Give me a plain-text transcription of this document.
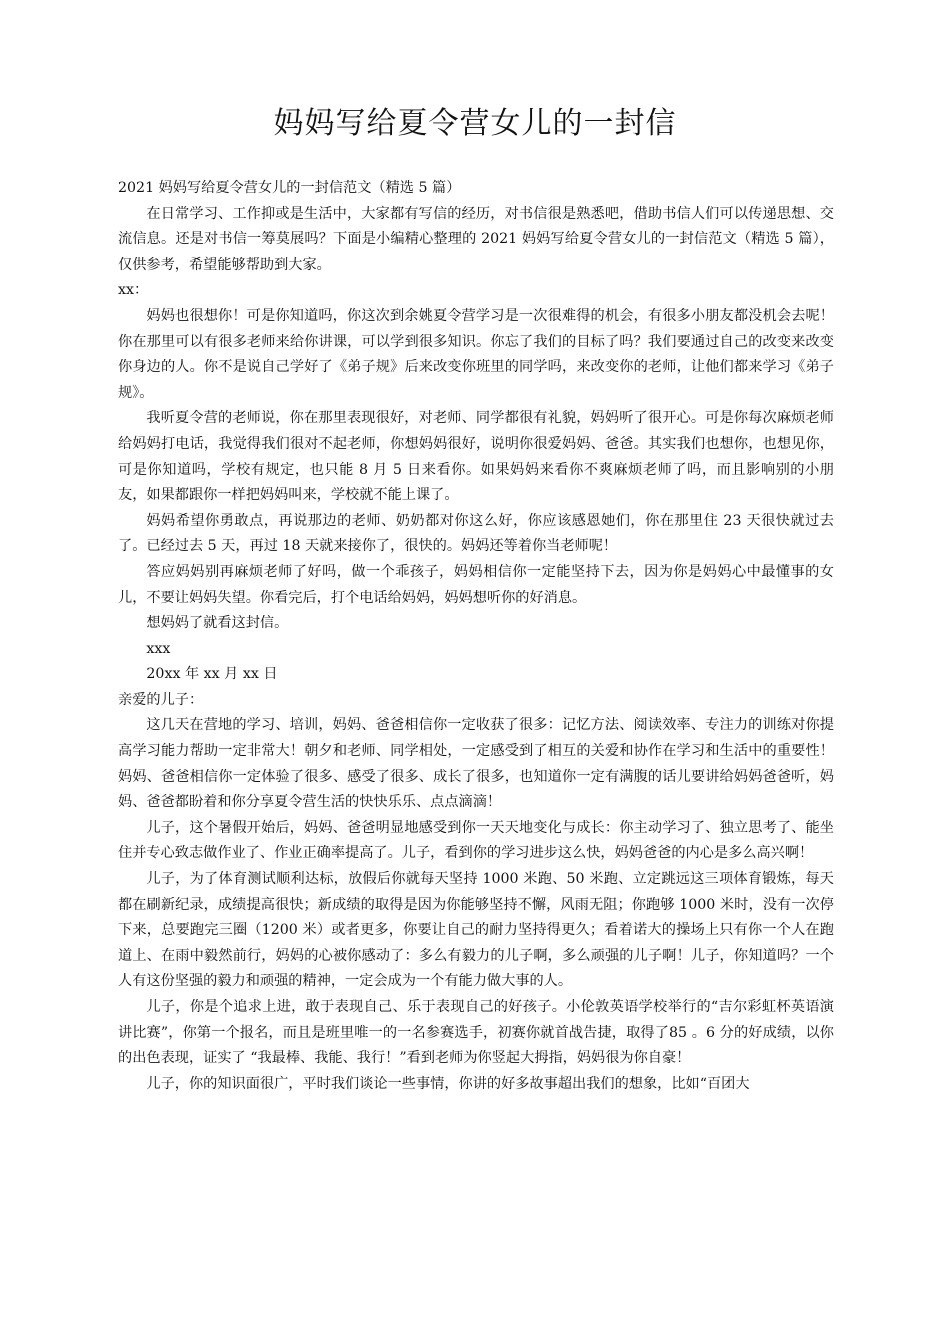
妈妈写给夏令营女儿的一封信

2021 妈妈写给夏令营女儿的一封信范文（精选 5 篇）

在日常学习、工作抑或是生活中，大家都有写信的经历，对书信很是熟悉吧，借助书信人们可以传递思想、交流信息。还是对书信一筹莫展吗？下面是小编精心整理的 2021 妈妈写给夏令营女儿的一封信范文（精选 5 篇），仅供参考，希望能够帮助到大家。

xx：

妈妈也很想你！可是你知道吗，你这次到余姚夏令营学习是一次很难得的机会，有很多小朋友都没机会去呢！你在那里可以有很多老师来给你讲课，可以学到很多知识。你忘了我们的目标了吗？我们要通过自己的改变来改变你身边的人。你不是说自己学好了《弟子规》后来改变你班里的同学吗，来改变你的老师，让他们都来学习《弟子规》。

我听夏令营的老师说，你在那里表现很好，对老师、同学都很有礼貌，妈妈听了很开心。可是你每次麻烦老师给妈妈打电话，我觉得我们很对不起老师，你想妈妈很好，说明你很爱妈妈、爸爸。其实我们也想你，也想见你，可是你知道吗，学校有规定，也只能 8 月 5 日来看你。如果妈妈来看你不爽麻烦老师了吗，而且影响别的小朋友，如果都跟你一样把妈妈叫来，学校就不能上课了。

妈妈希望你勇敢点，再说那边的老师、奶奶都对你这么好，你应该感恩她们，你在那里住 23 天很快就过去了。已经过去 5 天，再过 18 天就来接你了，很快的。妈妈还等着你当老师呢！

答应妈妈别再麻烦老师了好吗，做一个乖孩子，妈妈相信你一定能坚持下去，因为你是妈妈心中最懂事的女儿，不要让妈妈失望。你看完后，打个电话给妈妈，妈妈想听你的好消息。

想妈妈了就看这封信。

xxx

20xx 年 xx 月 xx 日

亲爱的儿子：

这几天在营地的学习、培训，妈妈、爸爸相信你一定收获了很多：记忆方法、阅读效率、专注力的训练对你提高学习能力帮助一定非常大！朝夕和老师、同学相处，一定感受到了相互的关爱和协作在学习和生活中的重要性！妈妈、爸爸相信你一定体验了很多、感受了很多、成长了很多，也知道你一定有满腹的话儿要讲给妈妈爸爸听，妈妈、爸爸都盼着和你分享夏令营生活的快快乐乐、点点滴滴！

儿子，这个暑假开始后，妈妈、爸爸明显地感受到你一天天地变化与成长：你主动学习了、独立思考了、能坐住并专心致志做作业了、作业正确率提高了。儿子，看到你的学习进步这么快，妈妈爸爸的内心是多么高兴啊！

儿子，为了体育测试顺利达标，放假后你就每天坚持 1000 米跑、50 米跑、立定跳远这三项体育锻炼，每天都在刷新纪录，成绩提高很快；新成绩的取得是因为你能够坚持不懈，风雨无阻；你跑够 1000 米时，没有一次停下来，总要跑完三圈（1200 米）或者更多，你要让自己的耐力坚持得更久；看着诺大的操场上只有你一个人在跑道上、在雨中毅然前行，妈妈的心被你感动了：多么有毅力的儿子啊，多么顽强的儿子啊！儿子，你知道吗？一个人有这份坚强的毅力和顽强的精神，一定会成为一个有能力做大事的人。

儿子，你是个追求上进，敢于表现自己、乐于表现自己的好孩子。小伦敦英语学校举行的“吉尔彩虹杯英语演讲比赛”，你第一个报名，而且是班里唯一的一名参赛选手，初赛你就首战告捷，取得了85 。6 分的好成绩，以你的出色表现，证实了 “我最棒、我能、我行！”看到老师为你竖起大拇指，妈妈很为你自豪！

儿子，你的知识面很广，平时我们谈论一些事情，你讲的好多故事超出我们的想象，比如“百团大
